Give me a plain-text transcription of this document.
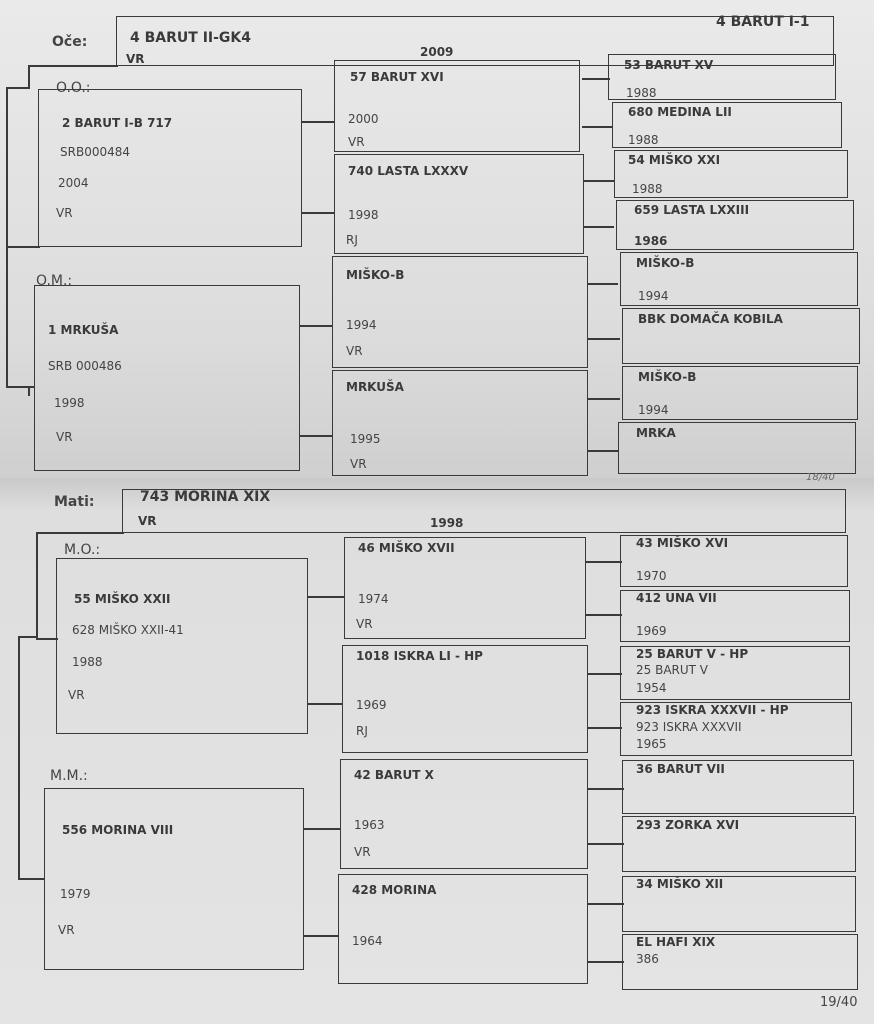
Oče:	4 BARUT II-GK4
4 BARUT I-1
VR	2009
O.O.:
2 BARUT I-B 717
SRB000484
2004
VR
O.M.:
1 MRKUŠA
SRB 000486
1998
VR
57 BARUT XVI
2000
VR
740 LASTA LXXXV
1998
RJ
MIŠKO-B
1994
VR
MRKUŠA
1995
VR
53 BARUT XV
1988
680 MEDINA LII
1988
54 MIŠKO XXI
1988
659 LASTA LXXIII
1986
MIŠKO-B
1994
BBK DOMAČA KOBILA
MIŠKO-B
1994
MRKA
18/40
Mati:	743 MORINA XIX
VR	1998
M.O.:
55 MIŠKO XXII
628 MIŠKO XXII-41
1988
VR
M.M.:
556 MORINA VIII
1979
VR
46 MIŠKO XVII
1974
VR
1018 ISKRA LI - HP
1969
RJ
42 BARUT X
1963
VR
428 MORINA
1964
43 MIŠKO XVI
1970
412 UNA VII
1969
25 BARUT V - HP
25 BARUT V
1954
923 ISKRA XXXVII - HP
923 ISKRA XXXVII
1965
36 BARUT VII
293 ZORKA XVI
34 MIŠKO XII
EL HAFI XIX
386
19/40
